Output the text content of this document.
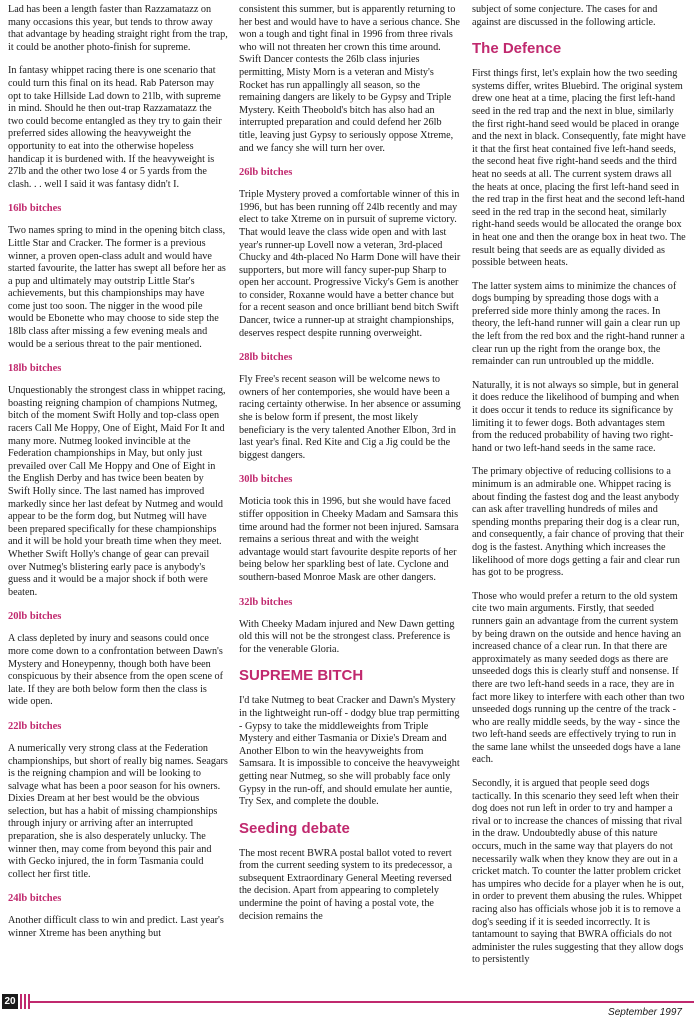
Lad has been a length faster than Razzamatazz on many occasions this year, but tends to throw away that advantage by heading straight right from the trap, it could be another photo-finish for supreme.
In fantasy whippet racing there is one scenario that could turn this final on its head. Rab Paterson may opt to take Hillside Lad down to 21lb, with supreme in mind. Should he then out-trap Razzamatazz the two could become entangled as they try to gain their preferred sides allowing the heavyweight the opportunity to eat into the otherwise hopeless handicap it is burdened with. If the heavyweight is 27lb and the other two lose 4 or 5 yards from the clash. . . well I said it was fantasy didn't I.
16lb bitches
Two names spring to mind in the opening bitch class, Little Star and Cracker. The former is a previous winner, a proven open-class adult and would have started favourite, the latter has swept all before her as a pup and ultimately may outstrip Little Star's achievements, but this championships may have come just too soon. The nigger in the wood pile would be Ebonette who may choose to side step the 18lb class after missing a few evening meals and would be a serious threat to the pair mentioned.
18lb bitches
Unquestionably the strongest class in whippet racing, boasting reigning champion of champions Nutmeg, bitch of the moment Swift Holly and top-class open racers Call Me Hoppy, One of Eight, Maid For It and many more. Nutmeg looked invincible at the Federation championships in May, but only just prevailed over Call Me Hoppy and One of Eight in the English Derby and has twice been beaten by Swift Holly since. The last named has improved markedly since her last defeat by Nutmeg and would appear to be the form dog, but Nutmeg will have been prepared specifically for these championships and it will be hold your breath time when they meet. Whether Swift Holly's change of gear can prevail over Nutmeg's blistering early pace is anybody's guess and it would be a major shock if both were beaten.
20lb bitches
A class depleted by inury and seasons could once more come down to a confrontation between Dawn's Mystery and Honeypenny, though both have been conspicuous by their absence from the open scene of late. If they are both below form then the class is wide open.
22lb bitches
A numerically very strong class at the Federation championships, but short of really big names. Seagars is the reigning champion and will be looking to salvage what has been a poor season for his owners. Dixies Dream at her best would be the obvious selection, but has a habit of missing championships through injury or arriving after an interrupted preparation, she is also desperately unlucky. The winner then, may come from beyond this pair and with Gecko injured, the in form Tasmania could collect her first title.
24lb bitches
Another difficult class to win and predict. Last year's winner Xtreme has been anything but
consistent this summer, but is apparently returning to her best and would have to have a serious chance. She won a tough and tight final in 1996 from three rivals who will not threaten her crown this time around. Swift Dancer contests the 26lb class injuries permitting, Misty Morn is a veteran and Misty's Rocket has run appallingly all season, so the remaining dangers are likely to be Gypsy and Triple Mystery. Keith Theobold's bitch has also had an interrupted preparation and could defend her 26lb title, leaving just Gypsy to seriously oppose Xtreme, and we fancy she will turn her over.
26lb bitches
Triple Mystery proved a comfortable winner of this in 1996, but has been running off 24lb recently and may elect to take Xtreme on in pursuit of supreme victory. That would leave the class wide open and with last year's runner-up Lovell now a veteran, 3rd-placed Chucky and 4th-placed No Harm Done will have their supporters, but more will fancy super-pup Sharp to open her account. Progressive Vicky's Gem is another to consider, Roxanne would have a better chance but for a recent season and once brilliant bend bitch Swift Dancer, twice a runner-up at straight championships, deserves respect despite running overweight.
28lb bitches
Fly Free's recent season will be welcome news to owners of her contempories, she would have been a racing certainty otherwise. In her absence or assuming she is below form if present, the most likely beneficiary is the very talented Another Elbon, 3rd in last year's final. Red Kite and Cig a Jig could be the biggest dangers.
30lb bitches
Moticia took this in 1996, but she would have faced stiffer opposition in Cheeky Madam and Samsara this time around had the former not been injured. Samsara remains a serious threat and with the weight advantage would start favourite despite reports of her being below her sparkling best of late. Cyclone and southern-based Monroe Mask are other dangers.
32lb bitches
With Cheeky Madam injured and New Dawn getting old this will not be the strongest class. Preference is for the venerable Gloria.
SUPREME BITCH
I'd take Nutmeg to beat Cracker and Dawn's Mystery in the lightweight run-off - dodgy blue trap permitting - Gypsy to take the middleweights from Triple Mystery and either Tasmania or Dixie's Dream and Another Elbon to win the heavyweights from Samsara. It is impossible to conceive the heavyweight getting near Nutmeg, so she will probably face only Gypsy in the run-off, and should emulate her auntie, Try Sex, and complete the double.
Seeding debate
The most recent BWRA postal ballot voted to revert from the current seeding system to its predecessor, a subsequent Extraordinary General Meeting reversed the decision. Apart from appearing to completely undermine the point of having a postal vote, the decision remains the
subject of some conjecture. The cases for and against are discussed in the following article.
The Defence
First things first, let's explain how the two seeding systems differ, writes Bluebird. The original system drew one heat at a time, placing the first left-hand seed in the red trap and the next in blue, similarly the first right-hand seed would be placed in orange and the next in black. Consequently, fate might have it that the first heat contained five left-hand seeds, the second heat five right-hand seeds and the third heat no seeds at all. The current system draws all the heats at once, placing the first left-hand seed in the red trap in the first heat and the second left-hand seed in the red trap in the second heat, similarly right-hand seeds would be allocated the orange box in heat one and then the orange box in heat two. The result being that seeds are as equally divided as possible between heats.
The latter system aims to minimize the chances of dogs bumping by spreading those dogs with a preferred side more thinly among the races. In theory, the left-hand runner will gain a clear run up the left from the red box and the right-hand runner a clear run up the right from the orange box, the remainder can run untroubled up the middle.
Naturally, it is not always so simple, but in general it does reduce the likelihood of bumping and when it does occur it tends to reduce its significance by limiting it to fewer dogs. Both advantages stem from the reduced probability of having two right-hand or two left-hand seeds in the same race.
The primary objective of reducing collisions to a minimum is an admirable one. Whippet racing is about finding the fastest dog and the least anybody can ask after travelling hundreds of miles and spending months preparing their dog is a clear run, and consequently, a fair chance of proving that their dog is the fastest. Anything which increases the likelihood of more dogs getting a fair and clear run has got to be progress.
Those who would prefer a return to the old system cite two main arguments. Firstly, that seeded runners gain an advantage from the current system by being drawn on the outside and hence having an increased chance of a clear run. In that there are approximately as many seeded dogs as there are unseeded dogs this is clearly stuff and nonsense. If there are two left-hand seeds in a race, they are in fact more likey to interfere with each other than two unseeded dogs running up the centre of the track - who are really middle seeds, by the way - since the two left-hand seeds are effectively trying to run in the same lane whilst the unseeded dogs have a lane each.
Secondly, it is argued that people seed dogs tactically. In this scenario they seed left when their dog does not run left in order to try and hamper a rival or to increase the chances of missing that rival in the draw. Undoubtedly abuse of this nature occurs, much in the same way that players do not necessarily walk when they know they are out in a cricket match. To counter the latter problem cricket has umpires who decide for a player when he is out, in order to prevent them abusing the rules. Whippet racing also has officials whose job it is to remove a dog's seeding if it is seeded incorrectly. It is tantamount to saying that BWRA officials do not administer the rules suggesting that they allow dogs to persistently
20
September 1997
